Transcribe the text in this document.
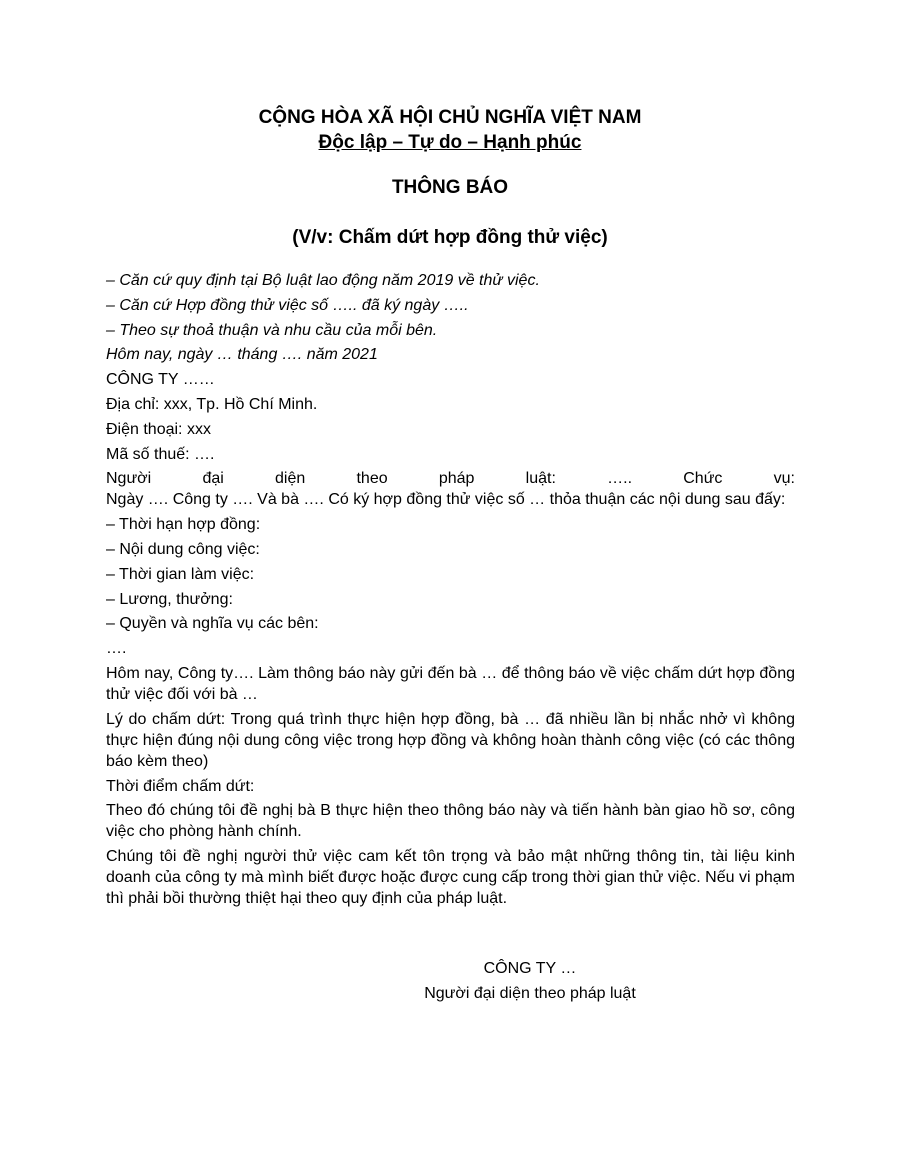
CỘNG HÒA XÃ HỘI CHỦ NGHĨA VIỆT NAM
Độc lập – Tự do – Hạnh phúc
THÔNG BÁO
(V/v: Chấm dứt hợp đồng thử việc)
– Căn cứ quy định tại Bộ luật lao động năm 2019 về thử việc.
– Căn cứ Hợp đồng thử việc số ….. đã ký ngày …..
– Theo sự thoả thuận và nhu cầu của mỗi bên.
Hôm nay, ngày … tháng …. năm 2021
CÔNG TY ……
Địa chỉ: xxx, Tp. Hồ Chí Minh.
Điện thoại: xxx
Mã số thuế: ….
Người	đại	diện	theo	pháp	luật:	…..	Chức	vụ:
Ngày …. Công ty …. Và bà …. Có ký hợp đồng thử việc số … thỏa thuận các nội dung sau đấy:
– Thời hạn hợp đồng:
– Nội dung công việc:
– Thời gian làm việc:
– Lương, thưởng:
– Quyền và nghĩa vụ các bên:
….
Hôm nay, Công ty…. Làm thông báo này gửi đến bà … để thông báo về việc chấm dứt hợp đồng thử việc đối với bà …
Lý do chấm dứt: Trong quá trình thực hiện hợp đồng, bà … đã nhiều lần bị nhắc nhở vì không thực hiện đúng nội dung công việc trong hợp đồng và không hoàn thành công việc (có các thông báo kèm theo)
Thời điểm chấm dứt:
Theo đó chúng tôi đề nghị bà B thực hiện theo thông báo này và tiến hành bàn giao hồ sơ, công việc cho phòng hành chính.
Chúng tôi đề nghị người thử việc cam kết tôn trọng và bảo mật những thông tin, tài liệu kinh doanh của công ty mà mình biết được hoặc được cung cấp trong thời gian thử việc. Nếu vi phạm thì phải bồi thường thiệt hại theo quy định của pháp luật.
CÔNG TY …
Người đại diện theo pháp luật
